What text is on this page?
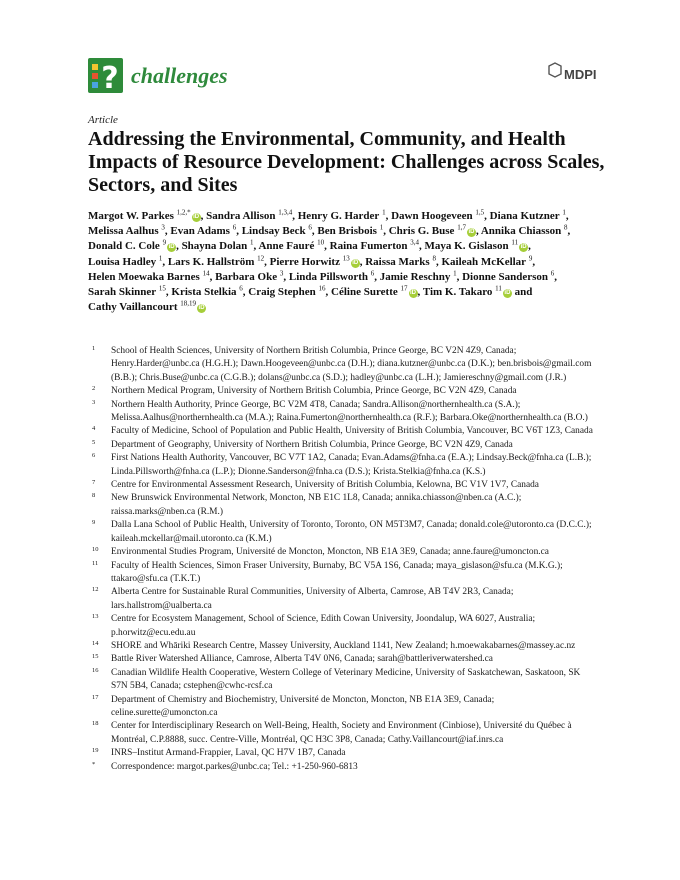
? challenges	MDPI
Article
Addressing the Environmental, Community, and Health Impacts of Resource Development: Challenges across Scales, Sectors, and Sites
Margot W. Parkes $^{1,2,*}$iD , Sandra Allison $^{1,3,4}$, Henry G. Harder $^1$, Dawn Hoogeveen $^{1,5}$, Diana Kutzner $^1$, Melissa Aalhus $^3$, Evan Adams $^6$, Lindsay Beck $^6$, Ben Brisbois $^1$, Chris G. Buse $^{1,7}$iD , Annika Chiasson $^8$, Donald C. Cole $^9$iD , Shayna Dolan $^1$, Anne Fauré $^{10}$, Raina Fumerton $^{3,4}$, Maya K. Gislason $^{11}$iD , Louisa Hadley $^1$, Lars K. Hallström $^{12}$, Pierre Horwitz $^{13}$iD , Raissa Marks $^8$, Kaileah McKellar $^9$, Helen Moewaka Barnes $^{14}$, Barbara Oke $^3$, Linda Pillsworth $^6$, Jamie Reschny $^1$, Dionne Sanderson $^6$, Sarah Skinner $^{15}$, Krista Stelkia $^6$, Craig Stephen $^{16}$, Céline Surette $^{17}$iD , Tim K. Takaro $^{11}$iD and Cathy Vaillancourt $^{18,19}$iD
1 School of Health Sciences, University of Northern British Columbia, Prince George, BC V2N 4Z9, Canada; Henry.Harder@unbc.ca (H.G.H.); Dawn.Hoogeveen@unbc.ca (D.H.); diana.kutzner@unbc.ca (D.K.); ben.brisbois@gmail.com (B.B.); Chris.Buse@unbc.ca (C.G.B.); dolans@unbc.ca (S.D.); hadley@unbc.ca (L.H.); Jamiereschny@gmail.com (J.R.)
2 Northern Medical Program, University of Northern British Columbia, Prince George, BC V2N 4Z9, Canada
3 Northern Health Authority, Prince George, BC V2M 4T8, Canada; Sandra.Allison@northernhealth.ca (S.A.); Melissa.Aalhus@northernhealth.ca (M.A.); Raina.Fumerton@northernhealth.ca (R.F.); Barbara.Oke@northernhealth.ca (B.O.)
4 Faculty of Medicine, School of Population and Public Health, University of British Columbia, Vancouver, BC V6T 1Z3, Canada
5 Department of Geography, University of Northern British Columbia, Prince George, BC V2N 4Z9, Canada
6 First Nations Health Authority, Vancouver, BC V7T 1A2, Canada; Evan.Adams@fnha.ca (E.A.); Lindsay.Beck@fnha.ca (L.B.); Linda.Pillsworth@fnha.ca (L.P.); Dionne.Sanderson@fnha.ca (D.S.); Krista.Stelkia@fnha.ca (K.S.)
7 Centre for Environmental Assessment Research, University of British Columbia, Kelowna, BC V1V 1V7, Canada
8 New Brunswick Environmental Network, Moncton, NB E1C 1L8, Canada; annika.chiasson@nben.ca (A.C.); raissa.marks@nben.ca (R.M.)
9 Dalla Lana School of Public Health, University of Toronto, Toronto, ON M5T3M7, Canada; donald.cole@utoronto.ca (D.C.C.); kaileah.mckellar@mail.utoronto.ca (K.M.)
10 Environmental Studies Program, Université de Moncton, Moncton, NB E1A 3E9, Canada; anne.faure@umoncton.ca
11 Faculty of Health Sciences, Simon Fraser University, Burnaby, BC V5A 1S6, Canada; maya_gislason@sfu.ca (M.K.G.); ttakaro@sfu.ca (T.K.T.)
12 Alberta Centre for Sustainable Rural Communities, University of Alberta, Camrose, AB T4V 2R3, Canada; lars.hallstrom@ualberta.ca
13 Centre for Ecosystem Management, School of Science, Edith Cowan University, Joondalup, WA 6027, Australia; p.horwitz@ecu.edu.au
14 SHORE and Whāriki Research Centre, Massey University, Auckland 1141, New Zealand; h.moewakabarnes@massey.ac.nz
15 Battle River Watershed Alliance, Camrose, Alberta T4V 0N6, Canada; sarah@battleriverwatershed.ca
16 Canadian Wildlife Health Cooperative, Western College of Veterinary Medicine, University of Saskatchewan, Saskatoon, SK S7N 5B4, Canada; cstephen@cwhc-rcsf.ca
17 Department of Chemistry and Biochemistry, Université de Moncton, Moncton, NB E1A 3E9, Canada; celine.surette@umoncton.ca
18 Center for Interdisciplinary Research on Well-Being, Health, Society and Environment (Cinbiose), Université du Québec à Montréal, C.P.8888, succ. Centre-Ville, Montréal, QC H3C 3P8, Canada; Cathy.Vaillancourt@iaf.inrs.ca
19 INRS–Institut Armand-Frappier, Laval, QC H7V 1B7, Canada
* Correspondence: margot.parkes@unbc.ca; Tel.: +1-250-960-6813
